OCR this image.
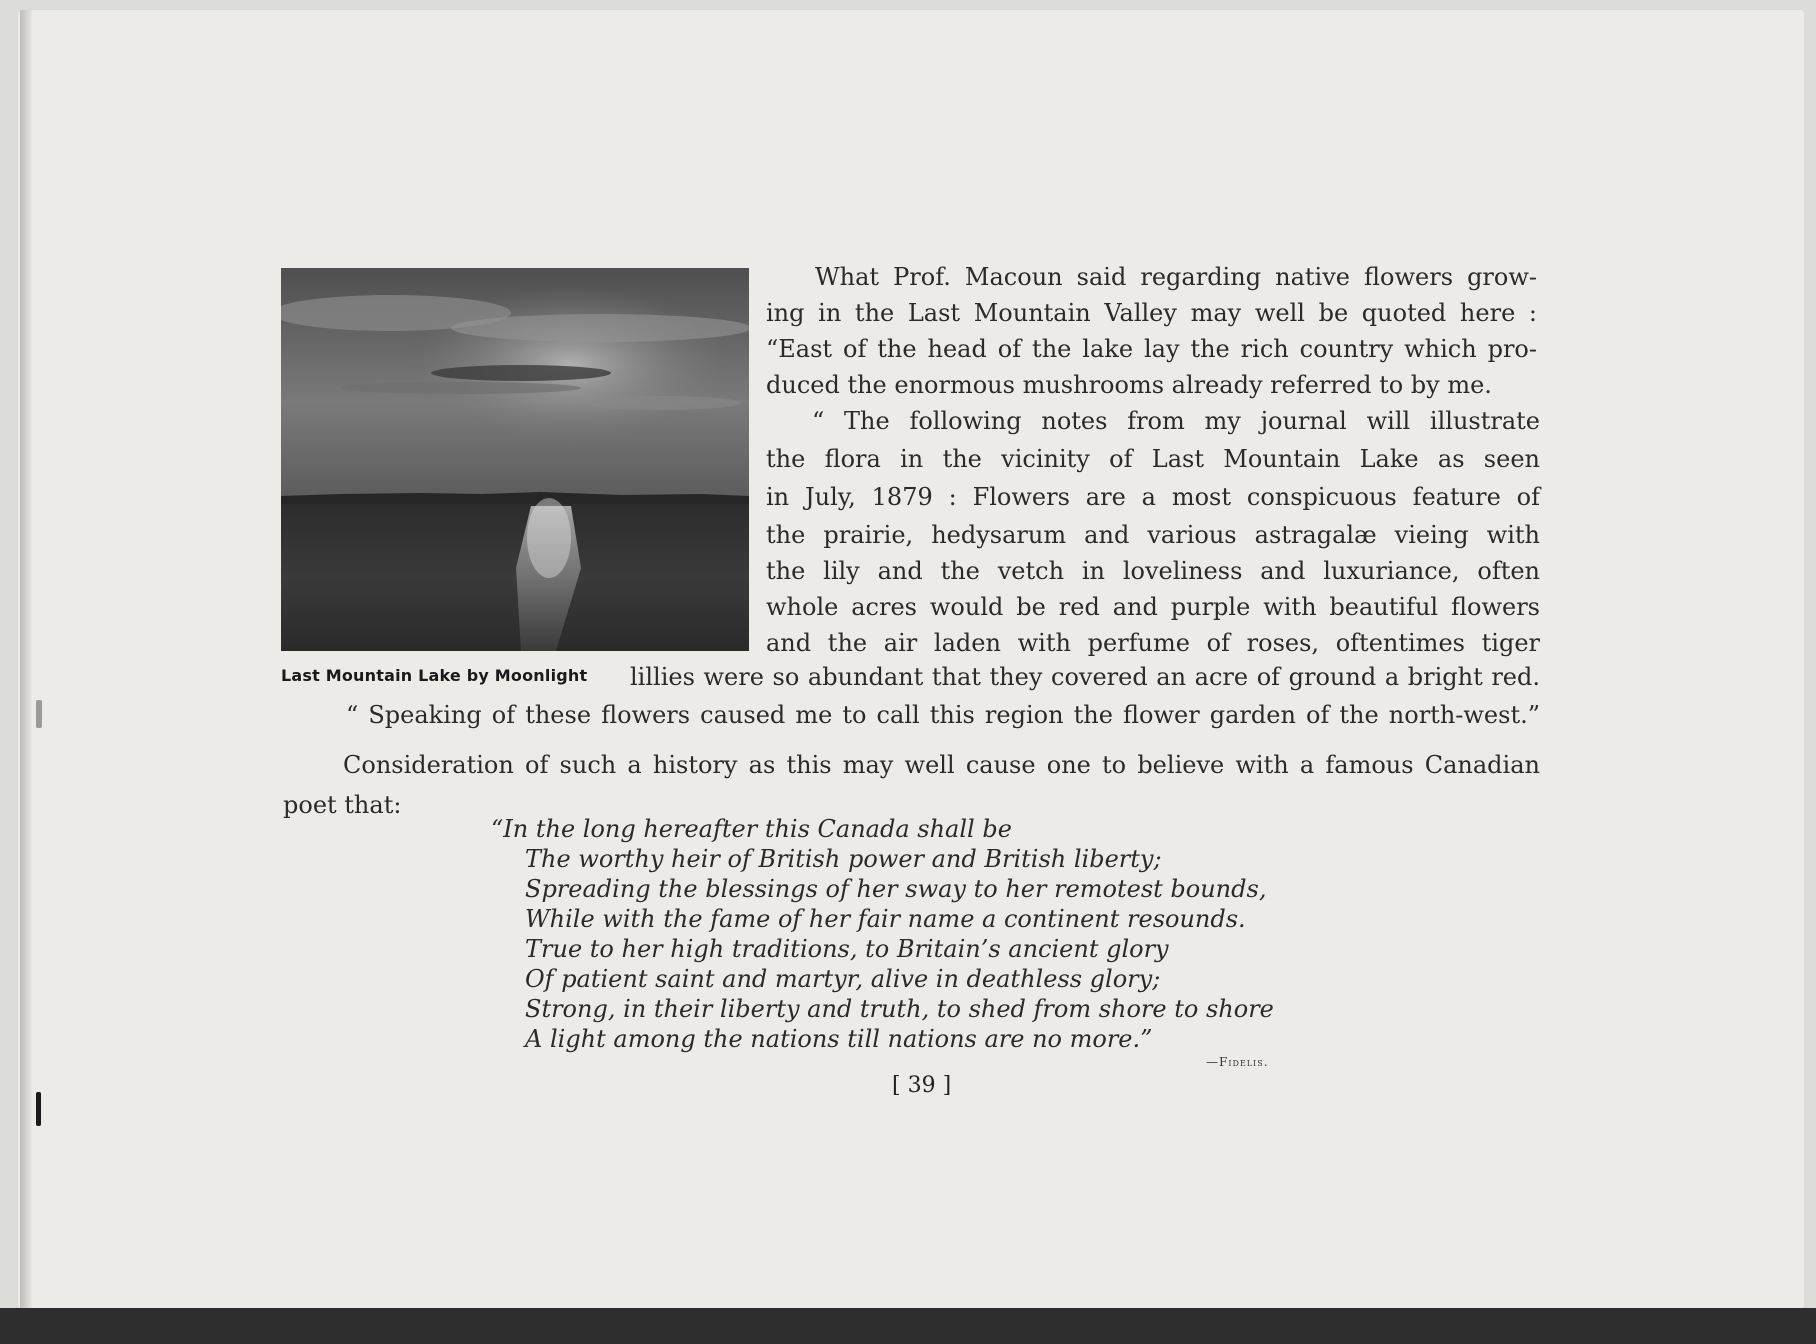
Last Mountain Lake by Moonlight
What Prof. Macoun said regarding native flowers grow-
ing in the Last Mountain Valley may well be quoted here :
“East of the head of the lake lay the rich country which pro-
duced the enormous mushrooms already referred to by me.
“ The following notes from my journal will illustrate
the flora in the vicinity of Last Mountain Lake as seen
in July, 1879 : Flowers are a most conspicuous feature of
the prairie, hedysarum and various astragalæ vieing with
the lily and the vetch in loveliness and luxuriance, often
whole acres would be red and purple with beautiful flowers
and the air laden with perfume of roses, oftentimes tiger
lillies were so abundant that they covered an acre of ground a bright red.
“ Speaking of these flowers caused me to call this region the flower garden of the north-west.”
Consideration of such a history as this may well cause one to believe with a famous Canadian
poet that:
“In the long hereafter this Canada shall be
The worthy heir of British power and British liberty;
Spreading the blessings of her sway to her remotest bounds,
While with the fame of her fair name a continent resounds.
True to her high traditions, to Britain’s ancient glory
Of patient saint and martyr, alive in deathless glory;
Strong, in their liberty and truth, to shed from shore to shore
A light among the nations till nations are no more.”
—Fidelis.
[ 39 ]
